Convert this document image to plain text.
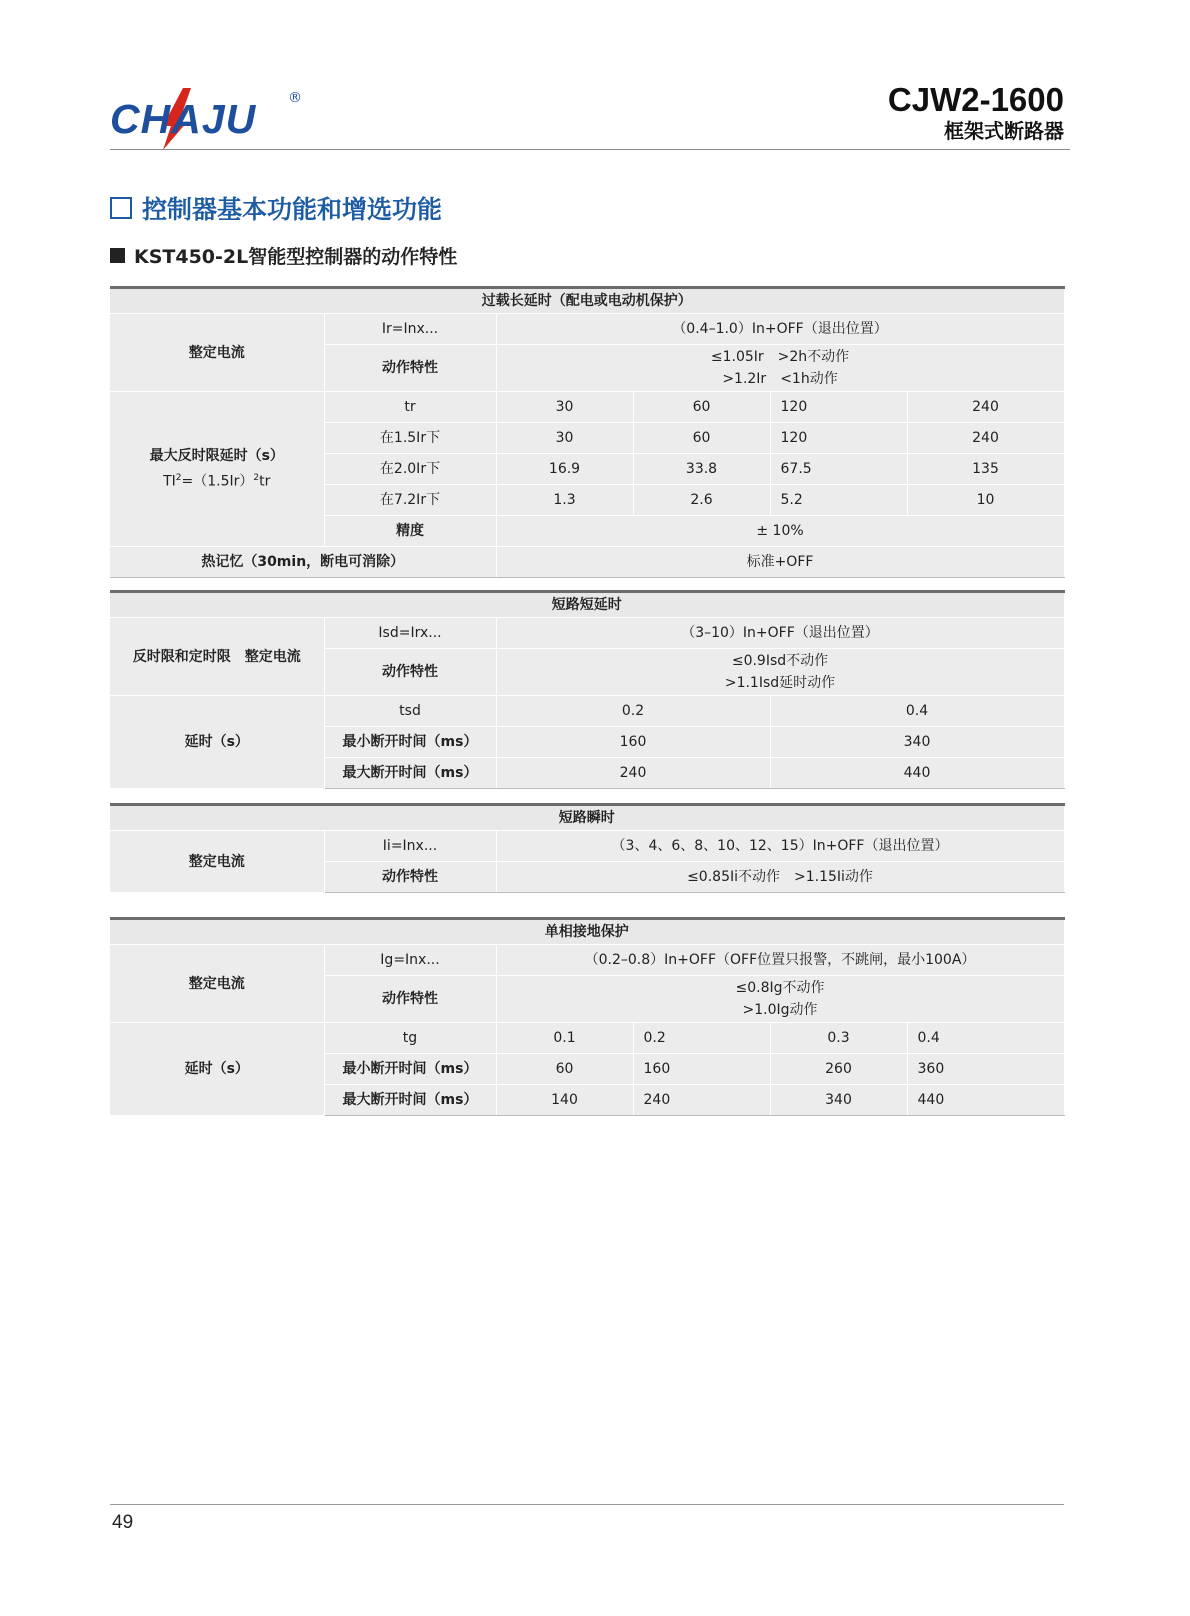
CHAJU ®	CJW2-1600
框架式断路器
控制器基本功能和增选功能
KST450-2L智能型控制器的动作特性
过载长延时（配电或电动机保护）					
整定电流	Ir=Inx...	（0.4–1.0）In+OFF（退出位置）			
	动作特性	≤1.05Ir　>2h不动作
>1.2Ir　<1h动作			

最大反时限延时（s）
$TI^2=(1.5Ir)^2tr$	tr	30	60	120	240
	在1.5Ir下	30	60	120	240
	在2.0Ir下	16.9	33.8	67.5	135
	在7.2Ir下	1.3	2.6	5.2	10
	精度	± 10%			
热记忆（30min，断电可消除）		标准+OFF			
短路短延时			
反时限和定时限　整定电流	Isd=Irx...	（3–10）In+OFF（退出位置）	
	动作特性	≤0.9Isd不动作
>1.1Isd延时动作	

延时（s）	tsd	0.2	0.4
	最小断开时间（ms）	160	340
	最大断开时间（ms）	240	440
短路瞬时		
整定电流	Ii=Inx...	（3、4、6、8、10、12、15）In+OFF（退出位置）
	动作特性	≤0.85Ii不动作　>1.15Ii动作
单相接地保护					
整定电流	Ig=Inx...	（0.2–0.8）In+OFF（OFF位置只报警，不跳闸，最小100A）			
	动作特性	≤0.8Ig不动作
>1.0Ig动作			

延时（s）	tg	0.1	0.2	0.3	0.4
	最小断开时间（ms）	60	160	260	360
	最大断开时间（ms）	140	240	340	440
49
